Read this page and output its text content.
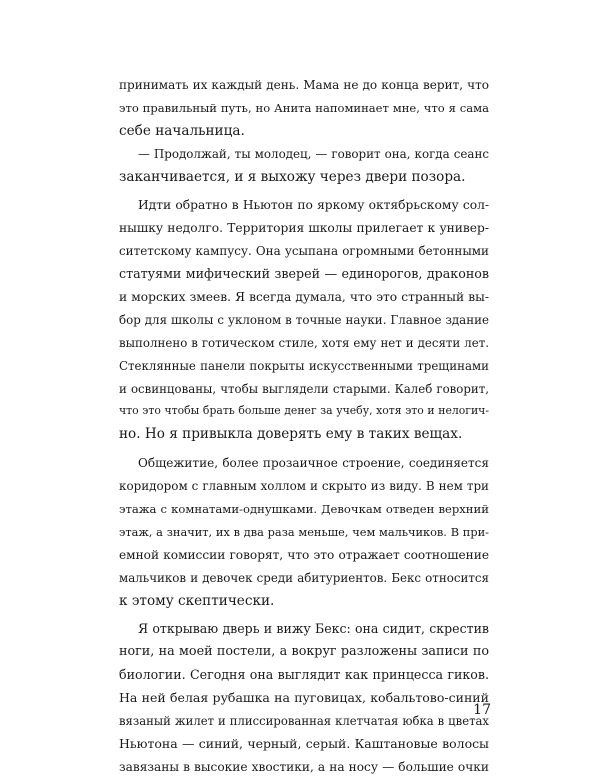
принимать их каждый день. Мама не до конца верит, что
это правильный путь, но Анита напоминает мне, что я сама
себе начальница.
— Продолжай, ты молодец, — говорит она, когда сеанс
заканчивается, и я выхожу через двери позора.
Идти обратно в Ньютон по яркому октябрьскому сол-
нышку недолго. Территория школы прилегает к универ-
ситетскому кампусу. Она усыпана огромными бетонными
статуями мифический зверей — единорогов, драконов
и морских змеев. Я всегда думала, что это странный вы-
бор для школы с уклоном в точные науки. Главное здание
выполнено в готическом стиле, хотя ему нет и десяти лет.
Стеклянные панели покрыты искусственными трещинами
и освинцованы, чтобы выглядели старыми. Калеб говорит,
что это чтобы брать больше денег за учебу, хотя это и нелогич-
но. Но я привыкла доверять ему в таких вещах.
Общежитие, более прозаичное строение, соединяется
коридором с главным холлом и скрыто из виду. В нем три
этажа с комнатами-однушками. Девочкам отведен верхний
этаж, а значит, их в два раза меньше, чем мальчиков. В при-
емной комиссии говорят, что это отражает соотношение
мальчиков и девочек среди абитуриентов. Бекс относится
к этому скептически.
Я открываю дверь и вижу Бекс: она сидит, скрестив
ноги, на моей постели, а вокруг разложены записи по
биологии. Сегодня она выглядит как принцесса гиков.
На ней белая рубашка на пуговицах, кобальтово-синий
вязаный жилет и плиссированная клетчатая юбка в цветах
Ньютона — синий, черный, серый. Каштановые волосы
завязаны в высокие хвостики, а на носу — большие очки
17
